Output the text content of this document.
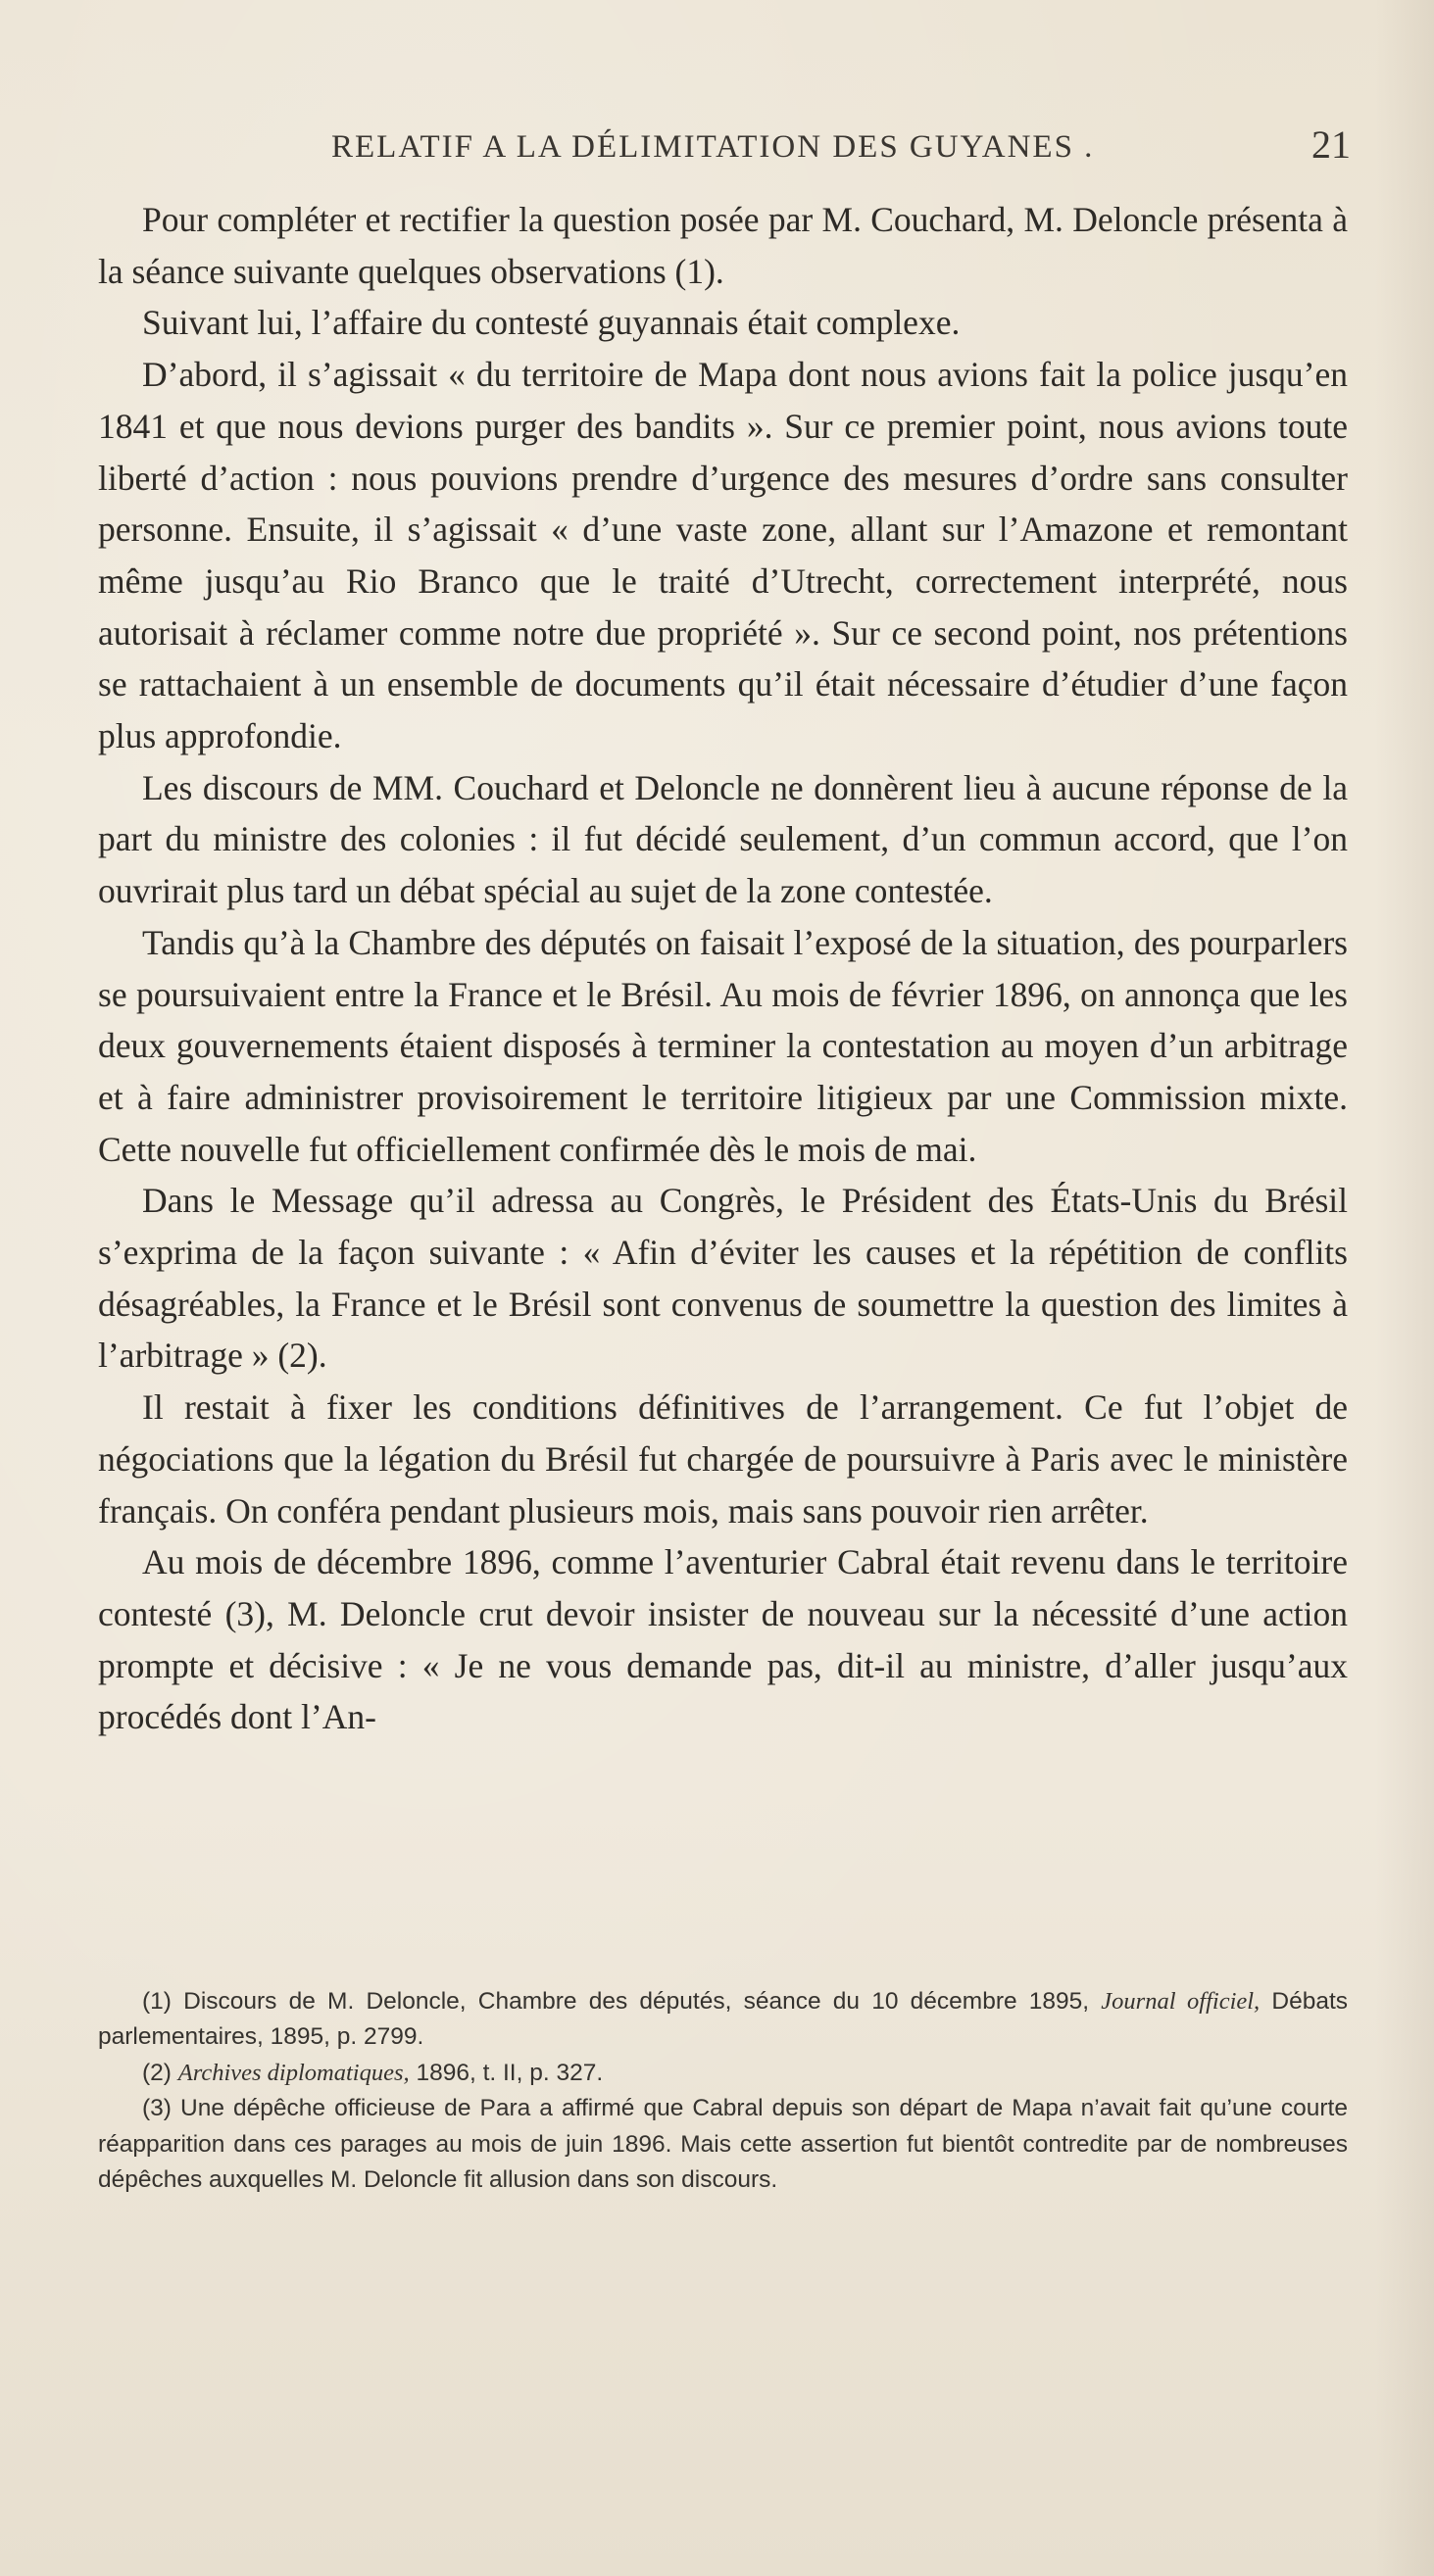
RELATIF A LA DÉLIMITATION DES GUYANES .	21

Pour compléter et rectifier la question posée par M. Couchard, M. Deloncle présenta à la séance suivante quelques observations (1).

Suivant lui, l’affaire du contesté guyannais était complexe.

D’abord, il s’agissait « du territoire de Mapa dont nous avions fait la police jusqu’en 1841 et que nous devions purger des bandits ». Sur ce premier point, nous avions toute liberté d’action : nous pouvions prendre d’urgence des mesures d’ordre sans consulter personne. Ensuite, il s’agissait « d’une vaste zone, allant sur l’Amazone et remontant même jusqu’au Rio Branco que le traité d’Utrecht, correctement interprété, nous autorisait à réclamer comme notre due propriété ». Sur ce second point, nos prétentions se rattachaient à un ensemble de documents qu’il était nécessaire d’étudier d’une façon plus approfondie.

Les discours de MM. Couchard et Deloncle ne donnèrent lieu à aucune réponse de la part du ministre des colonies : il fut décidé seulement, d’un commun accord, que l’on ouvrirait plus tard un débat spécial au sujet de la zone contestée.

Tandis qu’à la Chambre des députés on faisait l’exposé de la situation, des pourparlers se poursuivaient entre la France et le Brésil. Au mois de février 1896, on annonça que les deux gouvernements étaient disposés à terminer la contestation au moyen d’un arbitrage et à faire administrer provisoirement le territoire litigieux par une Commission mixte. Cette nouvelle fut officiellement confirmée dès le mois de mai.

Dans le Message qu’il adressa au Congrès, le Président des États-Unis du Brésil s’exprima de la façon suivante : « Afin d’éviter les causes et la répétition de conflits désagréables, la France et le Brésil sont convenus de soumettre la question des limites à l’arbitrage » (2).

Il restait à fixer les conditions définitives de l’arrangement. Ce fut l’objet de négociations que la légation du Brésil fut chargée de poursuivre à Paris avec le ministère français. On conféra pendant plusieurs mois, mais sans pouvoir rien arrêter.

Au mois de décembre 1896, comme l’aventurier Cabral était revenu dans le territoire contesté (3), M. Deloncle crut devoir insister de nouveau sur la nécessité d’une action prompte et décisive : « Je ne vous demande pas, dit-il au ministre, d’aller jusqu’aux procédés dont l’An-

(1) Discours de M. Deloncle, Chambre des députés, séance du 10 décembre 1895, Journal officiel, Débats parlementaires, 1895, p. 2799.

(2) Archives diplomatiques, 1896, t. II, p. 327.

(3) Une dépêche officieuse de Para a affirmé que Cabral depuis son départ de Mapa n’avait fait qu’une courte réapparition dans ces parages au mois de juin 1896. Mais cette assertion fut bientôt contredite par de nombreuses dépêches auxquelles M. Deloncle fit allusion dans son discours.
